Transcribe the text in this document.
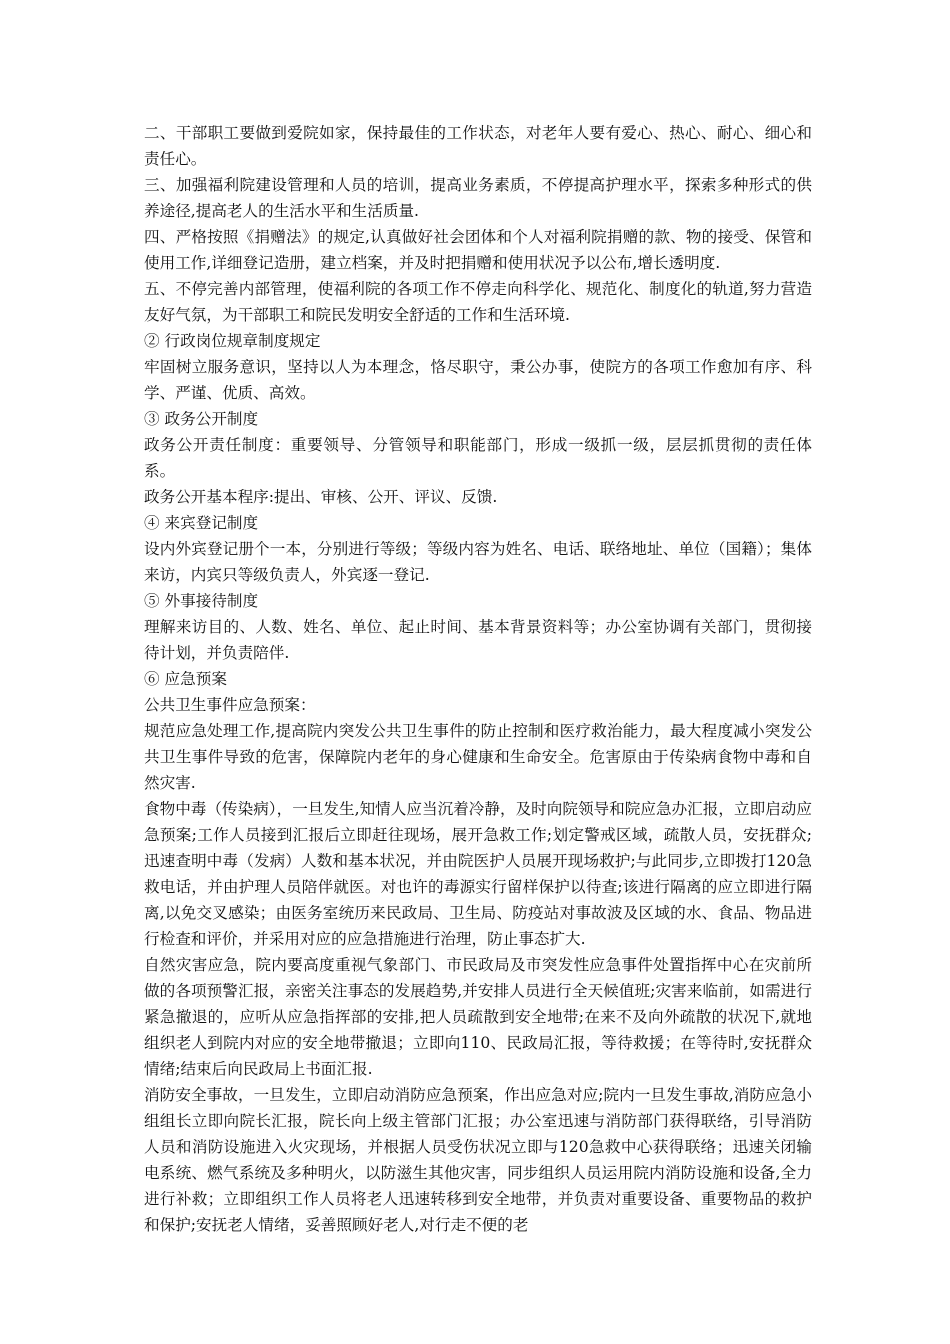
二、干部职工要做到爱院如家，保持最佳的工作状态，对老年人要有爱心、热心、耐心、细心和责任心。

三、加强福利院建设管理和人员的培训，提高业务素质，不停提高护理水平，探索多种形式的供养途径,提高老人的生活水平和生活质量.

四、严格按照《捐赠法》的规定,认真做好社会团体和个人对福利院捐赠的款、物的接受、保管和使用工作,详细登记造册，建立档案，并及时把捐赠和使用状况予以公布,增长透明度.

五、不停完善内部管理，使福利院的各项工作不停走向科学化、规范化、制度化的轨道,努力营造友好气氛，为干部职工和院民发明安全舒适的工作和生活环境.

② 行政岗位规章制度规定

牢固树立服务意识，坚持以人为本理念，恪尽职守，秉公办事，使院方的各项工作愈加有序、科学、严谨、优质、高效。

③ 政务公开制度

政务公开责任制度：重要领导、分管领导和职能部门，形成一级抓一级，层层抓贯彻的责任体系。

政务公开基本程序:提出、审核、公开、评议、反馈.

④ 来宾登记制度

设内外宾登记册个一本，分别进行等级；等级内容为姓名、电话、联络地址、单位（国籍）；集体来访，内宾只等级负责人，外宾逐一登记.

⑤ 外事接待制度

理解来访目的、人数、姓名、单位、起止时间、基本背景资料等；办公室协调有关部门，贯彻接待计划，并负责陪伴.

⑥ 应急预案

公共卫生事件应急预案：

规范应急处理工作,提高院内突发公共卫生事件的防止控制和医疗救治能力，最大程度减小突发公共卫生事件导致的危害，保障院内老年的身心健康和生命安全。危害原由于传染病食物中毒和自然灾害.

食物中毒（传染病），一旦发生,知情人应当沉着冷静，及时向院领导和院应急办汇报，立即启动应急预案;工作人员接到汇报后立即赶往现场，展开急救工作;划定警戒区域，疏散人员，安抚群众;迅速查明中毒（发病）人数和基本状况，并由院医护人员展开现场救护;与此同步,立即拨打120急救电话，并由护理人员陪伴就医。对也许的毒源实行留样保护以待查;该进行隔离的应立即进行隔离,以免交叉感染；由医务室统历来民政局、卫生局、防疫站对事故波及区域的水、食品、物品进行检查和评价，并采用对应的应急措施进行治理，防止事态扩大.

自然灾害应急，院内要高度重视气象部门、市民政局及市突发性应急事件处置指挥中心在灾前所做的各项预警汇报，亲密关注事态的发展趋势,并安排人员进行全天候值班;灾害来临前，如需进行紧急撤退的，应听从应急指挥部的安排,把人员疏散到安全地带;在来不及向外疏散的状况下,就地组织老人到院内对应的安全地带撤退；立即向110、民政局汇报，等待救援；在等待时,安抚群众情绪;结束后向民政局上书面汇报.

消防安全事故，一旦发生，立即启动消防应急预案，作出应急对应;院内一旦发生事故,消防应急小组组长立即向院长汇报，院长向上级主管部门汇报；办公室迅速与消防部门获得联络，引导消防人员和消防设施进入火灾现场，并根据人员受伤状况立即与120急救中心获得联络；迅速关闭输电系统、燃气系统及多种明火，以防滋生其他灾害，同步组织人员运用院内消防设施和设备,全力进行补救；立即组织工作人员将老人迅速转移到安全地带，并负责对重要设备、重要物品的救护和保护;安抚老人情绪，妥善照顾好老人,对行走不便的老
